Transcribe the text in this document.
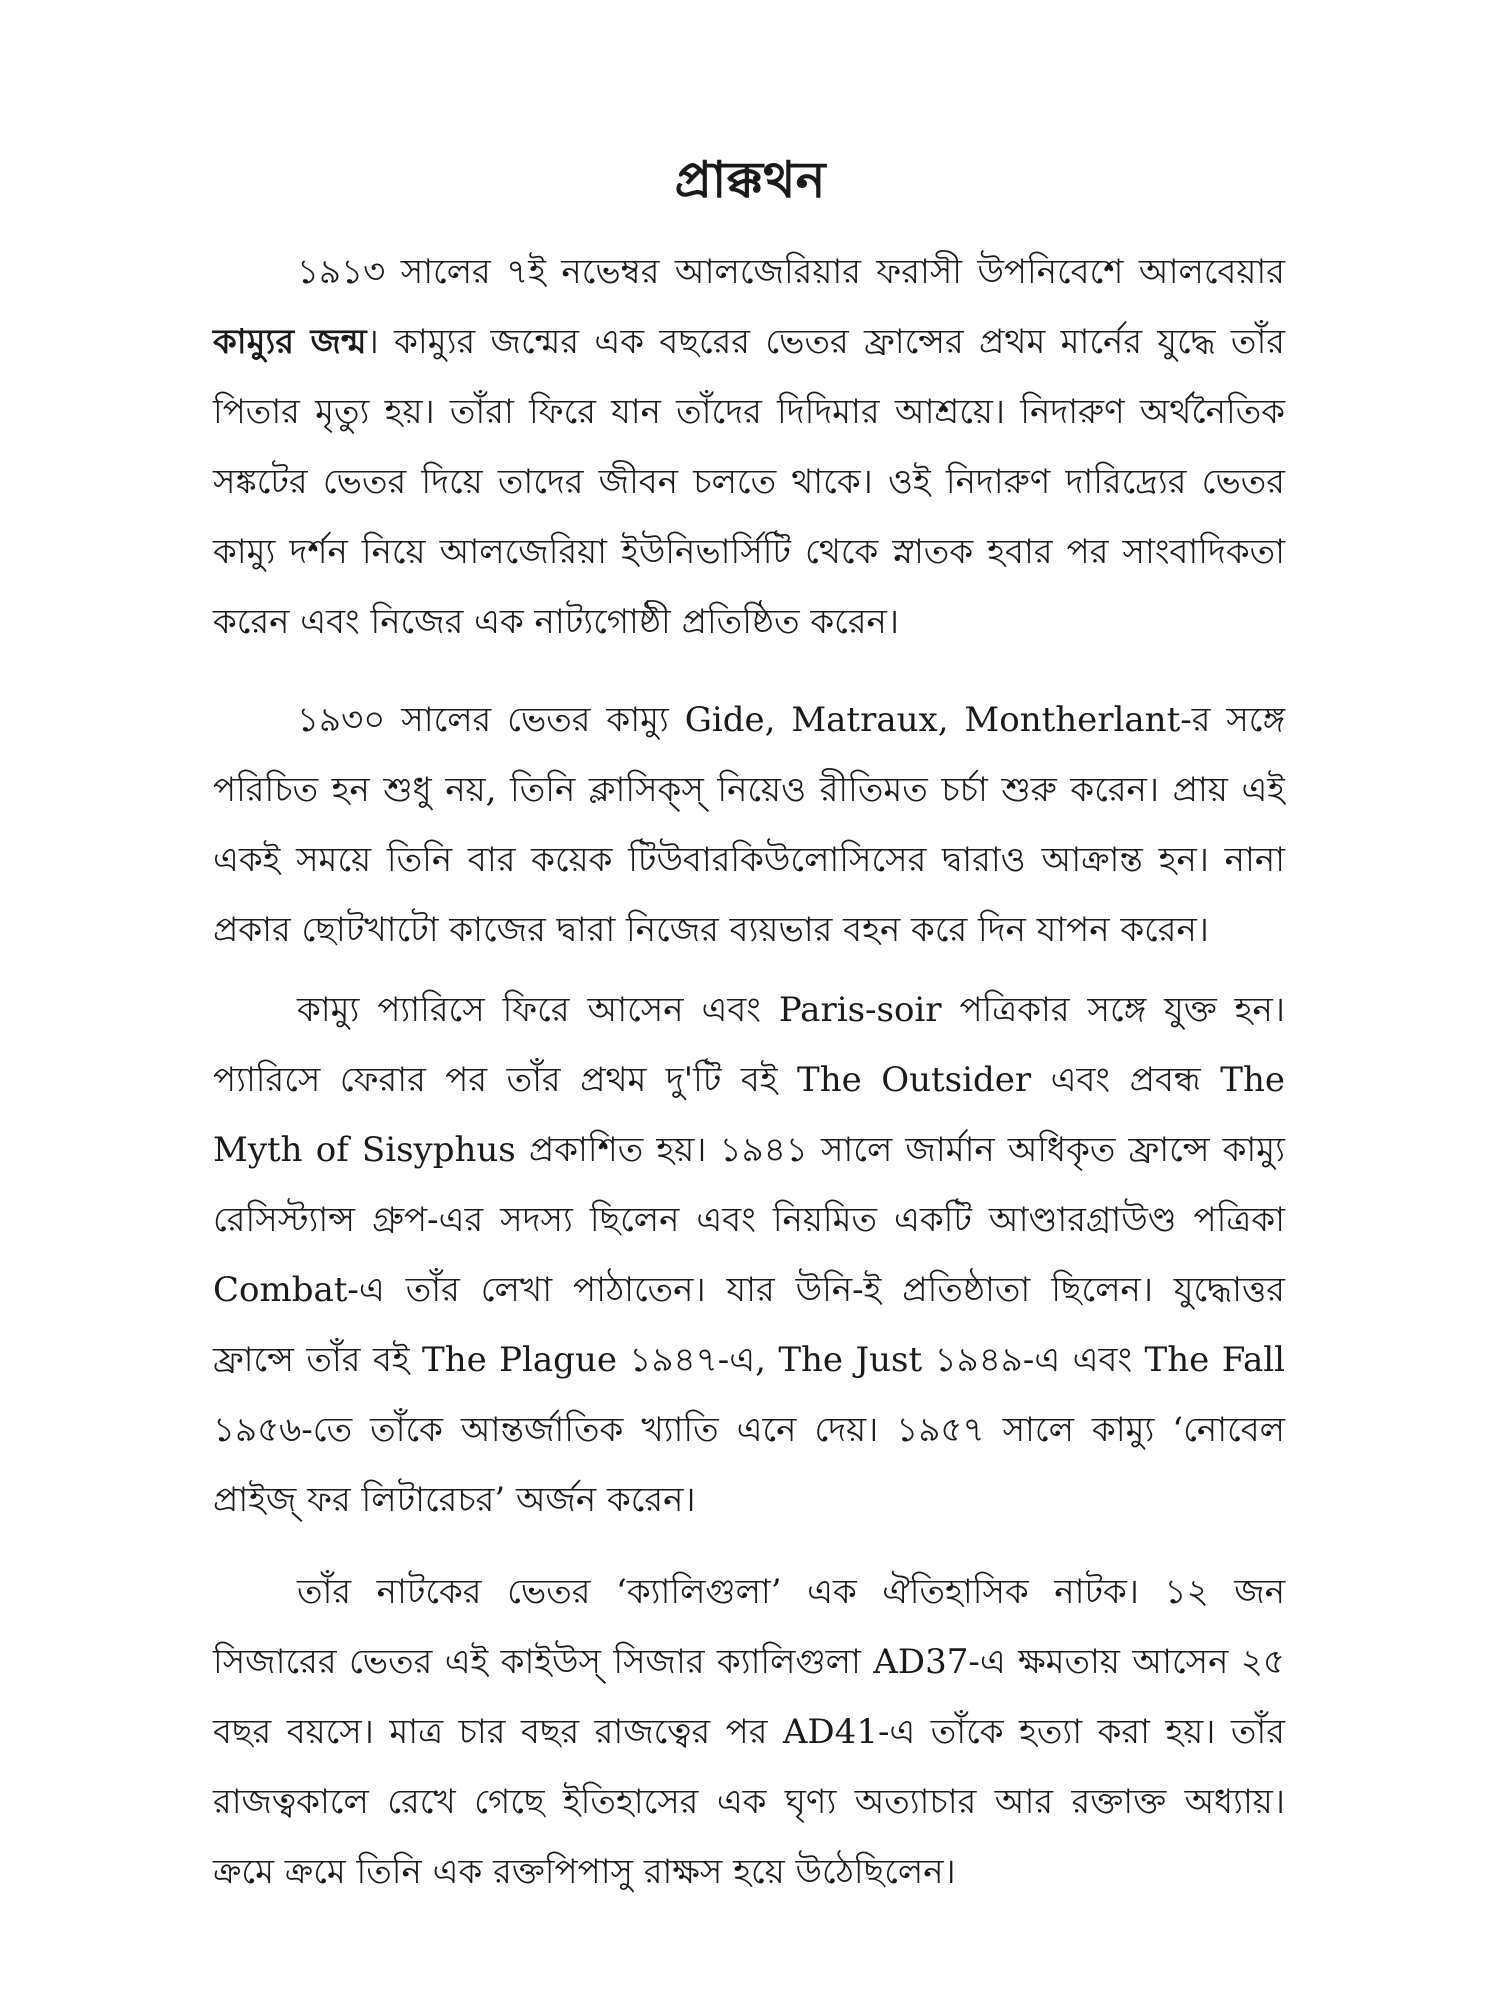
প্রাক্কথন

১৯১৩ সালের ৭ই নভেম্বর আলজেরিয়ার ফরাসী উপনিবেশে আলবেয়ার কাম্যুর জন্ম। কাম্যুর জন্মের এক বছরের ভেতর ফ্রান্সের প্রথম মার্নের যুদ্ধে তাঁর পিতার মৃত্যু হয়। তাঁরা ফিরে যান তাঁদের দিদিমার আশ্রয়ে। নিদারুণ অর্থনৈতিক সঙ্কটের ভেতর দিয়ে তাদের জীবন চলতে থাকে। ওই নিদারুণ দারিদ্র্যের ভেতর কাম্যু দর্শন নিয়ে আলজেরিয়া ইউনিভার্সিটি থেকে স্নাতক হবার পর সাংবাদিকতা করেন এবং নিজের এক নাট্যগোষ্ঠী প্রতিষ্ঠিত করেন।

১৯৩০ সালের ভেতর কাম্যু Gide, Matraux, Montherlant-র সঙ্গে পরিচিত হন শুধু নয়, তিনি ক্লাসিক্স্ নিয়েও রীতিমত চর্চা শুরু করেন। প্রায় এই একই সময়ে তিনি বার কয়েক টিউবারকিউলোসিসের দ্বারাও আক্রান্ত হন। নানা প্রকার ছোটখাটো কাজের দ্বারা নিজের ব্যয়ভার বহন করে দিন যাপন করেন।

কাম্যু প্যারিসে ফিরে আসেন এবং Paris-soir পত্রিকার সঙ্গে যুক্ত হন। প্যারিসে ফেরার পর তাঁর প্রথম দু'টি বই The Outsider এবং প্রবন্ধ The Myth of Sisyphus প্রকাশিত হয়। ১৯৪১ সালে জার্মান অধিকৃত ফ্রান্সে কাম্যু রেসিস্ট্যান্স গ্রুপ-এর সদস্য ছিলেন এবং নিয়মিত একটি আণ্ডারগ্রাউণ্ড পত্রিকা Combat-এ তাঁর লেখা পাঠাতেন। যার উনি-ই প্রতিষ্ঠাতা ছিলেন। যুদ্ধোত্তর ফ্রান্সে তাঁর বই The Plague ১৯৪৭-এ, The Just ১৯৪৯-এ এবং The Fall ১৯৫৬-তে তাঁকে আন্তর্জাতিক খ্যাতি এনে দেয়। ১৯৫৭ সালে কাম্যু ‘নোবেল প্রাইজ্ ফর লিটারেচর’ অর্জন করেন।

তাঁর নাটকের ভেতর ‘ক্যালিগুলা’ এক ঐতিহাসিক নাটক। ১২ জন সিজারের ভেতর এই কাইউস্ সিজার ক্যালিগুলা AD37-এ ক্ষমতায় আসেন ২৫ বছর বয়সে। মাত্র চার বছর রাজত্বের পর AD41-এ তাঁকে হত্যা করা হয়। তাঁর রাজত্বকালে রেখে গেছে ইতিহাসের এক ঘৃণ্য অত্যাচার আর রক্তাক্ত অধ্যায়। ক্রমে ক্রমে তিনি এক রক্তপিপাসু রাক্ষস হয়ে উঠেছিলেন।
